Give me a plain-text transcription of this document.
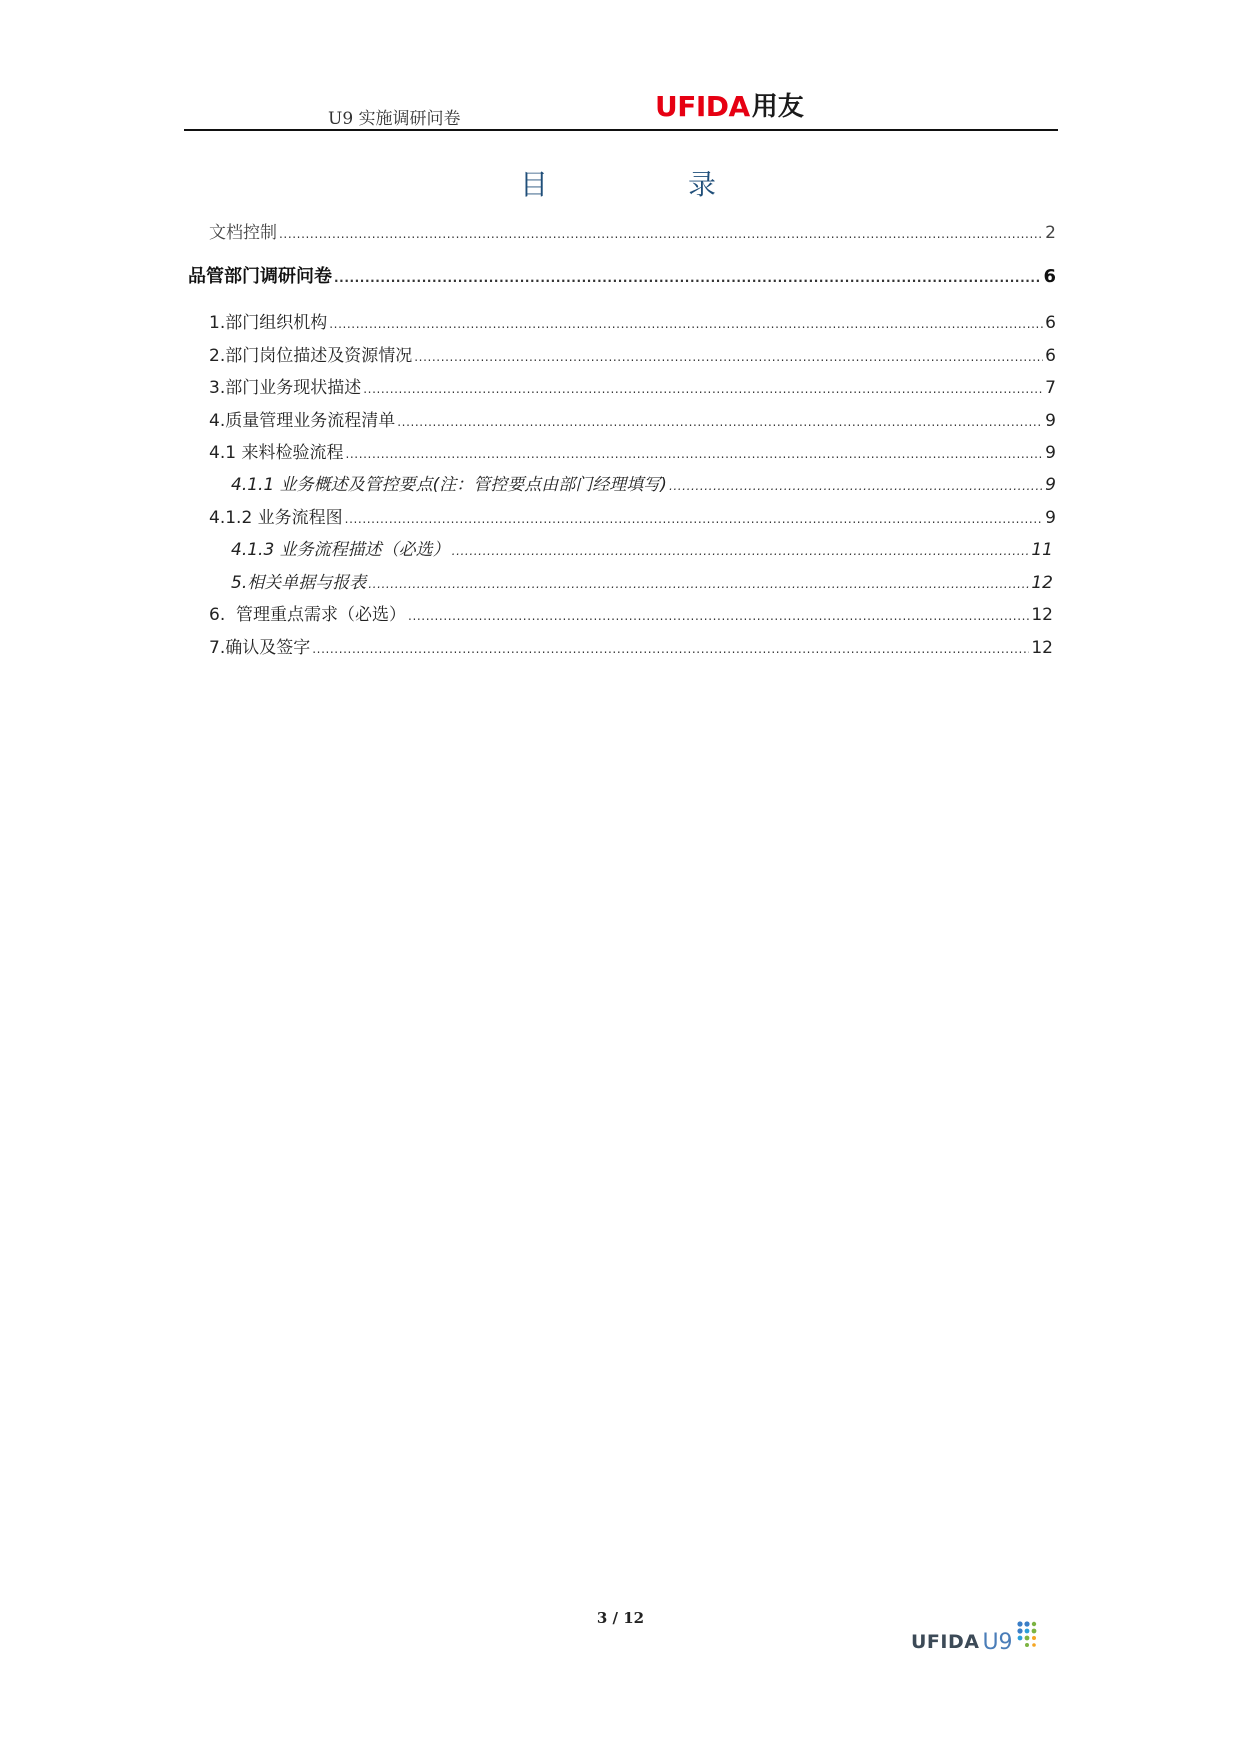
U9 实施调研问卷	UFIDA 用友
目	录
文档控制 .....	2
品管部门调研问卷 .....	6
1.部门组织机构 .....	6
2.部门岗位描述及资源情况 .....	6
3.部门业务现状描述 .....	7
4.质量管理业务流程清单 .....	9
4.1 来料检验流程 .....	9
4.1.1 业务概述及管控要点(注：管控要点由部门经理填写) .....	9
4.1.2 业务流程图 .....	9
4.1.3 业务流程描述（必选） .....	11
5.相关单据与报表 .....	12
6.  管理重点需求（必选） .....	12
7.确认及签字 .....	12
3 / 12
UFIDA U9
